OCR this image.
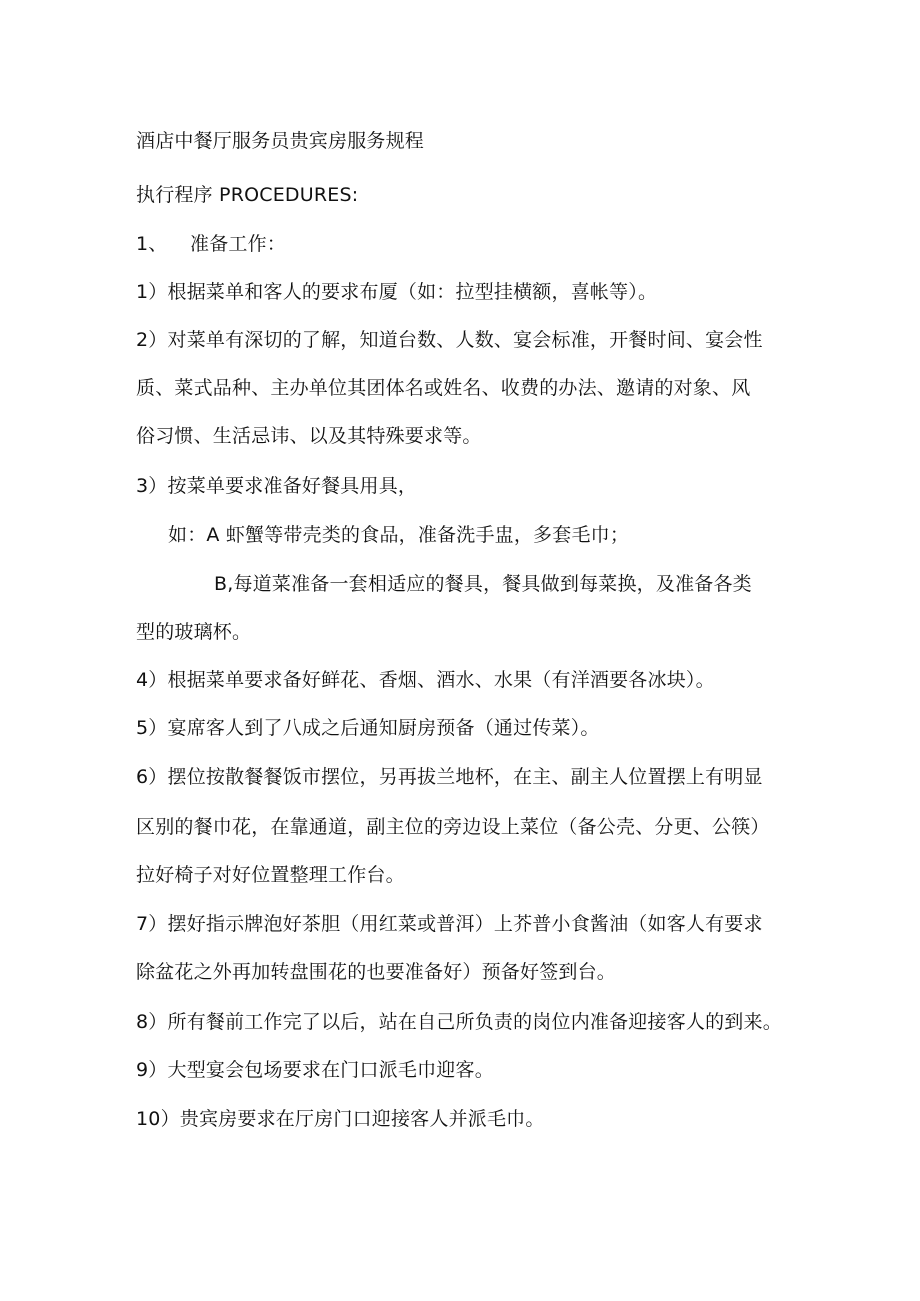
酒店中餐厅服务员贵宾房服务规程
执行程序 PROCEDURES:
1、 准备工作：
1）根据菜单和客人的要求布厦（如：拉型挂横额，喜帐等）。
2）对菜单有深切的了解，知道台数、人数、宴会标准，开餐时间、宴会性
质、菜式品种、主办单位其团体名或姓名、收费的办法、邀请的对象、风
俗习惯、生活忌讳、以及其特殊要求等。
3）按菜单要求准备好餐具用具，
如：A 虾蟹等带壳类的食品，准备洗手盅，多套毛巾；
B,每道菜准备一套相适应的餐具，餐具做到每菜换，及准备各类
型的玻璃杯。
4）根据菜单要求备好鲜花、香烟、酒水、水果（有洋酒要各冰块）。
5）宴席客人到了八成之后通知厨房预备（通过传菜）。
6）摆位按散餐餐饭市摆位，另再拔兰地杯，在主、副主人位置摆上有明显
区别的餐巾花，在靠通道，副主位的旁边设上菜位（备公壳、分更、公筷）
拉好椅子对好位置整理工作台。
7）摆好指示牌泡好茶胆（用红菜或普洱）上芥普小食酱油（如客人有要求
除盆花之外再加转盘围花的也要准备好）预备好签到台。
8）所有餐前工作完了以后，站在自己所负责的岗位内准备迎接客人的到来。
9）大型宴会包场要求在门口派毛巾迎客。
10）贵宾房要求在厅房门口迎接客人并派毛巾。
